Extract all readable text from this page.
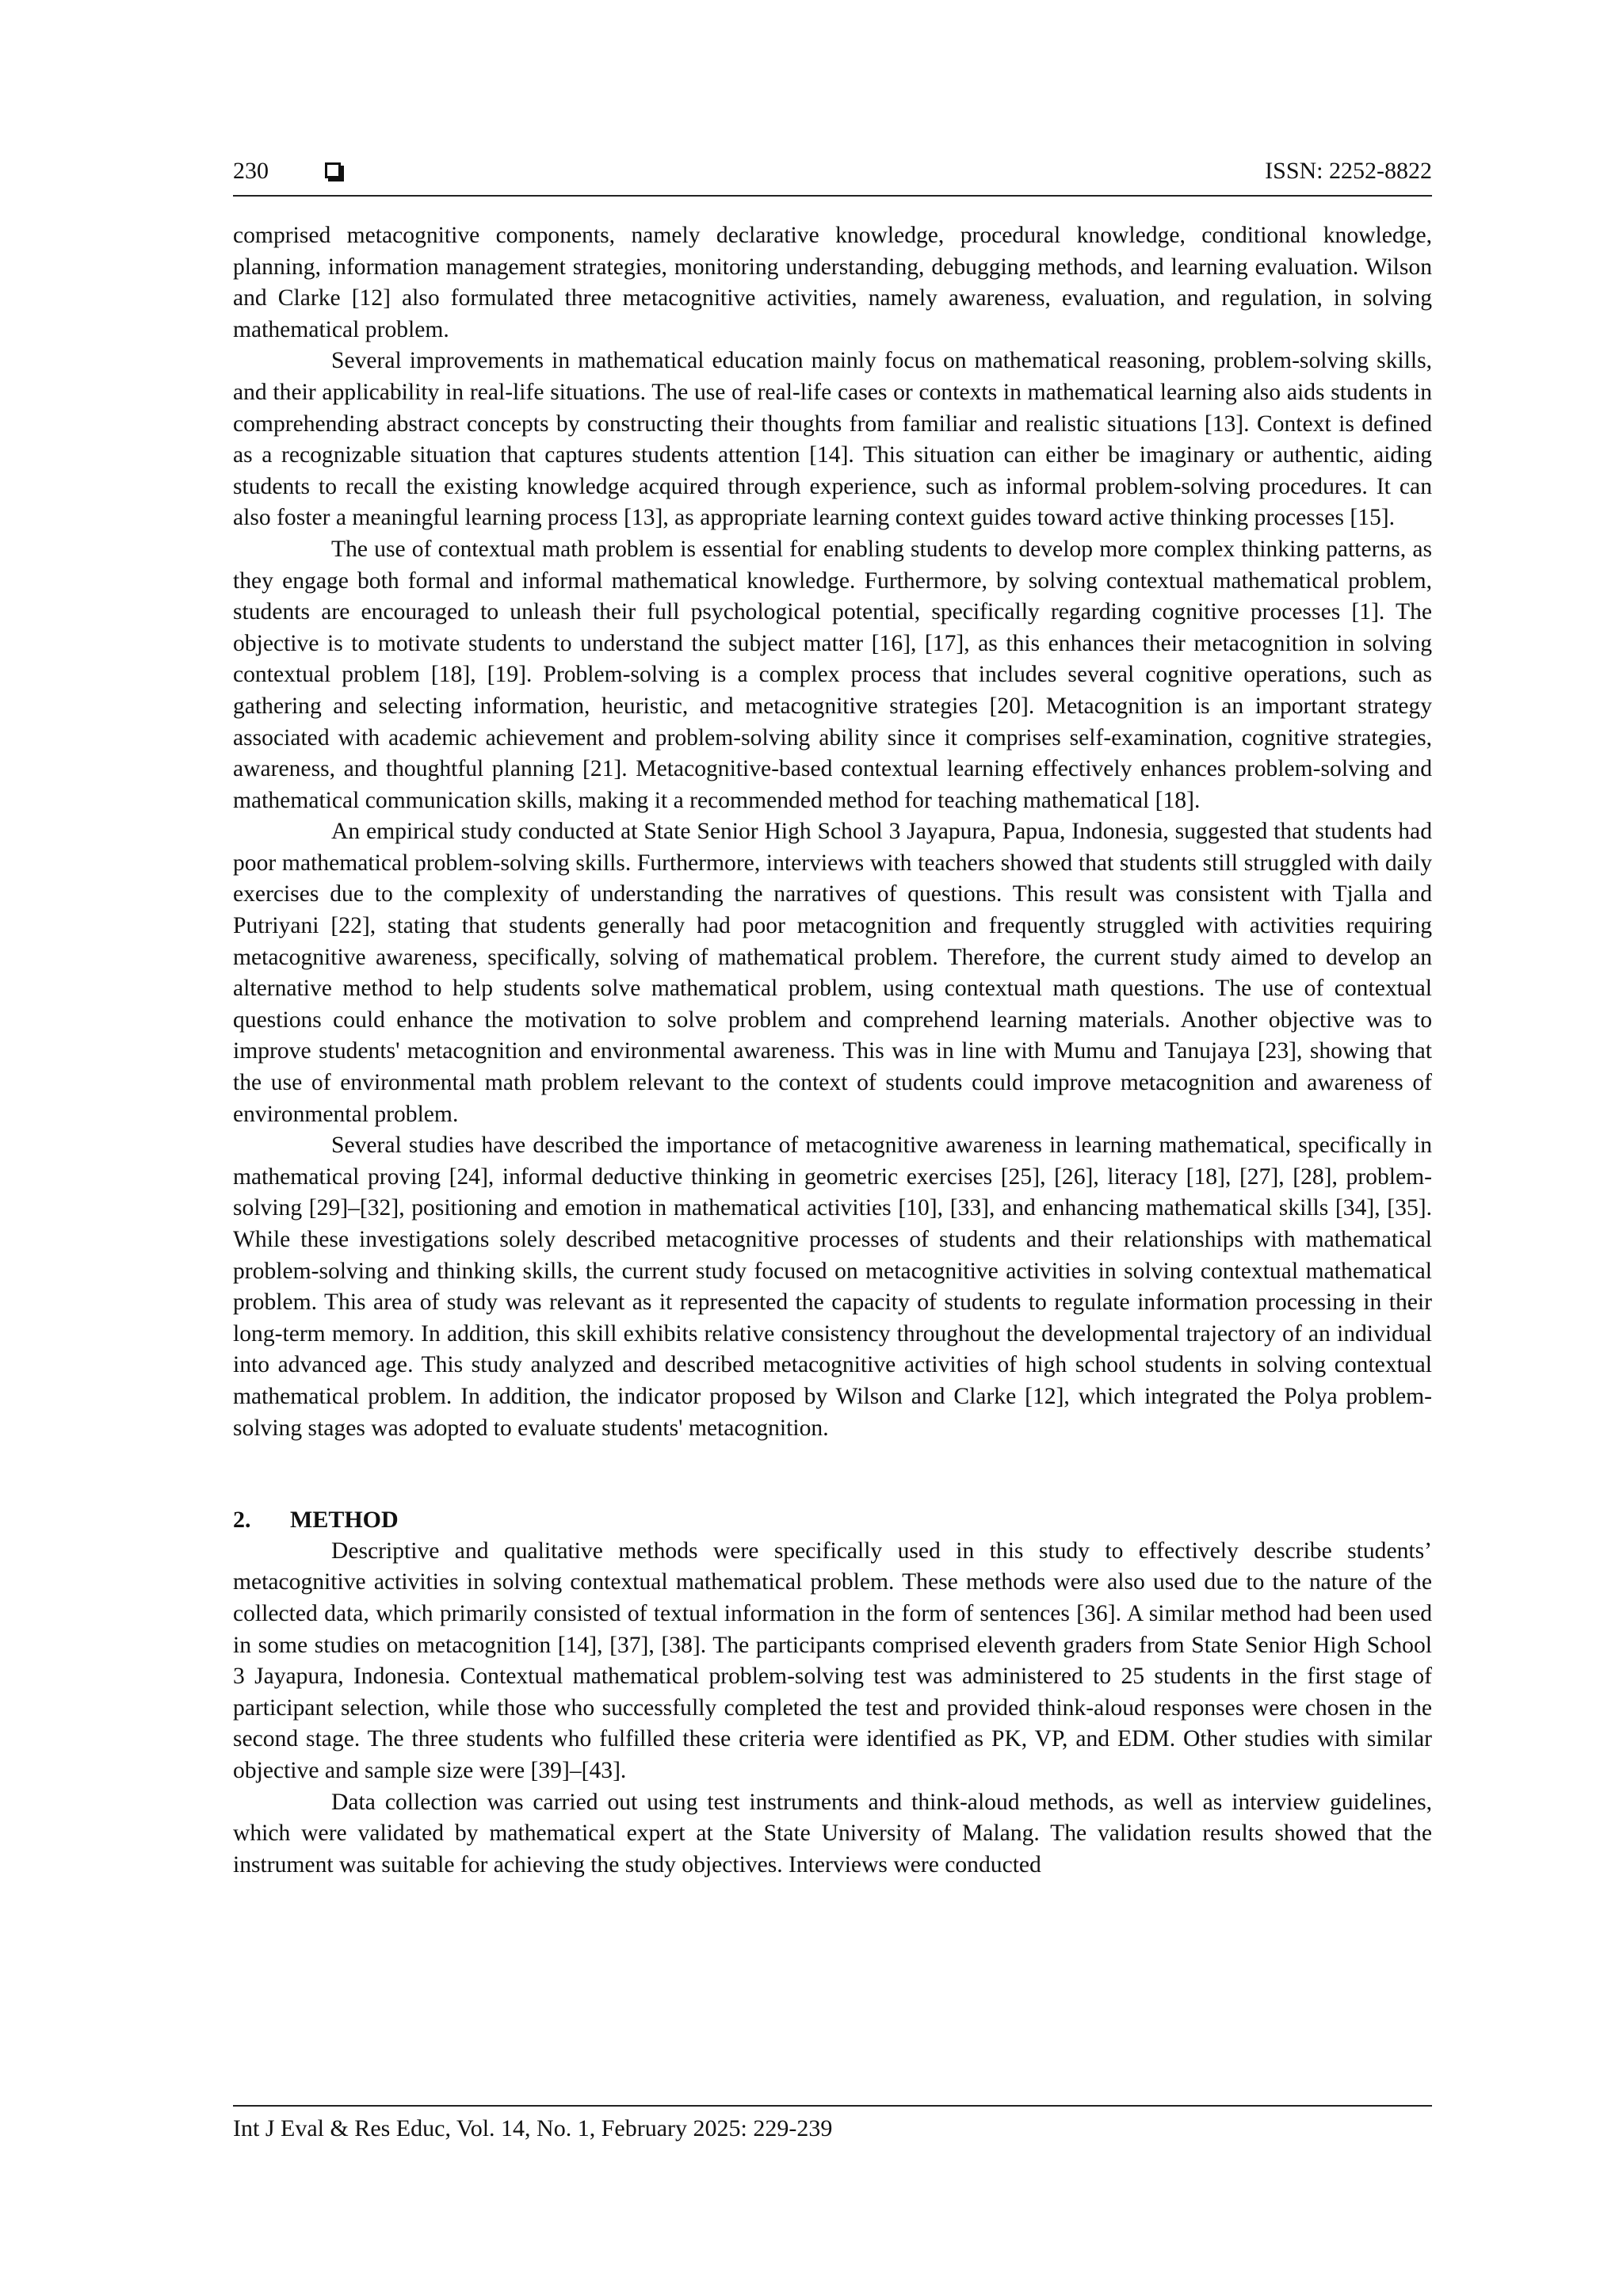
230	ISSN: 2252-8822

comprised metacognitive components, namely declarative knowledge, procedural knowledge, conditional knowledge, planning, information management strategies, monitoring understanding, debugging methods, and learning evaluation. Wilson and Clarke [12] also formulated three metacognitive activities, namely awareness, evaluation, and regulation, in solving mathematical problem.

Several improvements in mathematical education mainly focus on mathematical reasoning, problem-solving skills, and their applicability in real-life situations. The use of real-life cases or contexts in mathematical learning also aids students in comprehending abstract concepts by constructing their thoughts from familiar and realistic situations [13]. Context is defined as a recognizable situation that captures students attention [14]. This situation can either be imaginary or authentic, aiding students to recall the existing knowledge acquired through experience, such as informal problem-solving procedures. It can also foster a meaningful learning process [13], as appropriate learning context guides toward active thinking processes [15].

The use of contextual math problem is essential for enabling students to develop more complex thinking patterns, as they engage both formal and informal mathematical knowledge. Furthermore, by solving contextual mathematical problem, students are encouraged to unleash their full psychological potential, specifically regarding cognitive processes [1]. The objective is to motivate students to understand the subject matter [16], [17], as this enhances their metacognition in solving contextual problem [18], [19]. Problem-solving is a complex process that includes several cognitive operations, such as gathering and selecting information, heuristic, and metacognitive strategies [20]. Metacognition is an important strategy associated with academic achievement and problem-solving ability since it comprises self-examination, cognitive strategies, awareness, and thoughtful planning [21]. Metacognitive-based contextual learning effectively enhances problem-solving and mathematical communication skills, making it a recommended method for teaching mathematical [18].

An empirical study conducted at State Senior High School 3 Jayapura, Papua, Indonesia, suggested that students had poor mathematical problem-solving skills. Furthermore, interviews with teachers showed that students still struggled with daily exercises due to the complexity of understanding the narratives of questions. This result was consistent with Tjalla and Putriyani [22], stating that students generally had poor metacognition and frequently struggled with activities requiring metacognitive awareness, specifically, solving of mathematical problem. Therefore, the current study aimed to develop an alternative method to help students solve mathematical problem, using contextual math questions. The use of contextual questions could enhance the motivation to solve problem and comprehend learning materials. Another objective was to improve students' metacognition and environmental awareness. This was in line with Mumu and Tanujaya [23], showing that the use of environmental math problem relevant to the context of students could improve metacognition and awareness of environmental problem.

Several studies have described the importance of metacognitive awareness in learning mathematical, specifically in mathematical proving [24], informal deductive thinking in geometric exercises [25], [26], literacy [18], [27], [28], problem-solving [29]–[32], positioning and emotion in mathematical activities [10], [33], and enhancing mathematical skills [34], [35]. While these investigations solely described metacognitive processes of students and their relationships with mathematical problem-solving and thinking skills, the current study focused on metacognitive activities in solving contextual mathematical problem. This area of study was relevant as it represented the capacity of students to regulate information processing in their long-term memory. In addition, this skill exhibits relative consistency throughout the developmental trajectory of an individual into advanced age. This study analyzed and described metacognitive activities of high school students in solving contextual mathematical problem. In addition, the indicator proposed by Wilson and Clarke [12], which integrated the Polya problem-solving stages was adopted to evaluate students' metacognition.

2. METHOD

Descriptive and qualitative methods were specifically used in this study to effectively describe students’ metacognitive activities in solving contextual mathematical problem. These methods were also used due to the nature of the collected data, which primarily consisted of textual information in the form of sentences [36]. A similar method had been used in some studies on metacognition [14], [37], [38]. The participants comprised eleventh graders from State Senior High School 3 Jayapura, Indonesia. Contextual mathematical problem-solving test was administered to 25 students in the first stage of participant selection, while those who successfully completed the test and provided think-aloud responses were chosen in the second stage. The three students who fulfilled these criteria were identified as PK, VP, and EDM. Other studies with similar objective and sample size were [39]–[43].

Data collection was carried out using test instruments and think-aloud methods, as well as interview guidelines, which were validated by mathematical expert at the State University of Malang. The validation results showed that the instrument was suitable for achieving the study objectives. Interviews were conducted

Int J Eval & Res Educ, Vol. 14, No. 1, February 2025: 229-239
